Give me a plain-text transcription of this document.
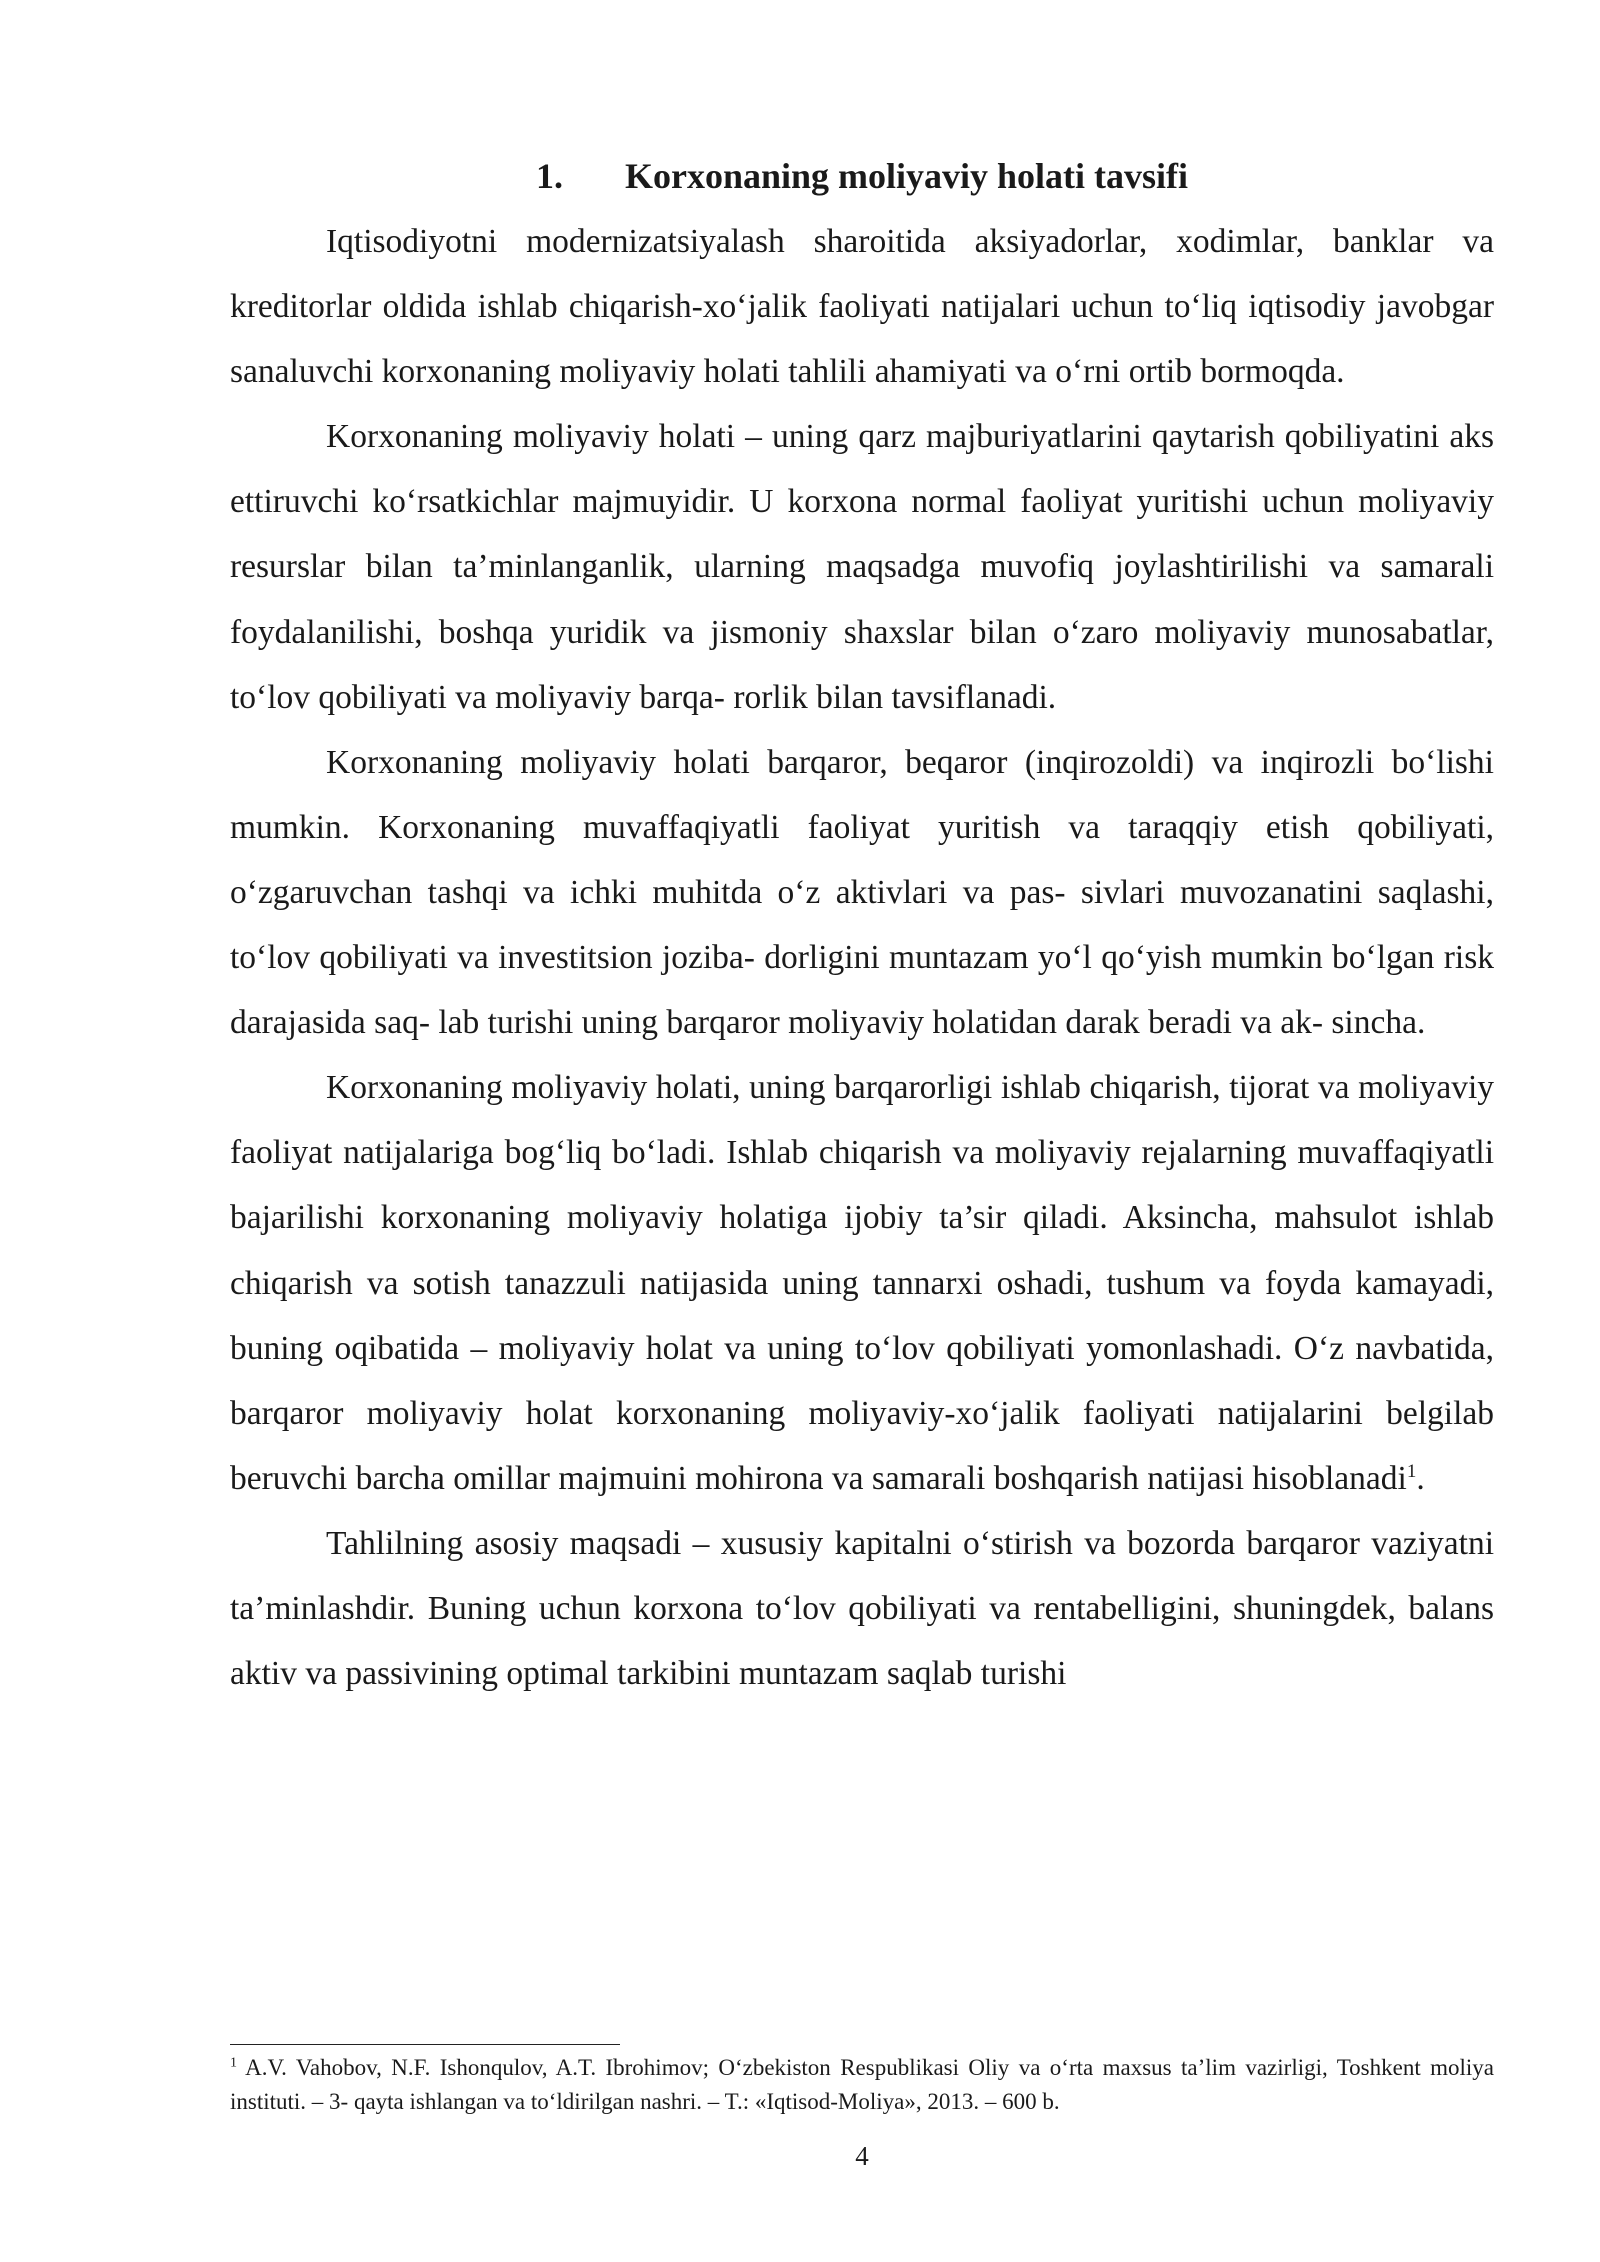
1. Korxonaning moliyaviy holati tavsifi

Iqtisodiyotni modernizatsiyalash sharoitida aksiyadorlar, xodimlar, banklar va kreditorlar oldida ishlab chiqarish-xo‘jalik faoliyati natijalari uchun to‘liq iqtisodiy javobgar sanaluvchi korxonaning moliyaviy holati tahlili ahamiyati va o‘rni ortib bormoqda.

Korxonaning moliyaviy holati – uning qarz majburiyatlarini qaytarish qobiliyatini aks ettiruvchi ko‘rsatkichlar majmuyidir. U korxona normal faoliyat yuritishi uchun moliyaviy resurslar bilan ta’minlanganlik, ularning maqsadga muvofiq joylashtirilishi va samarali foydalanilishi, boshqa yuridik va jismoniy shaxslar bilan o‘zaro moliyaviy munosabatlar, to‘lov qobiliyati va moliyaviy barqa- rorlik bilan tavsiflanadi.

Korxonaning moliyaviy holati barqaror, beqaror (inqirozoldi) va inqirozli bo‘lishi mumkin. Korxonaning muvaffaqiyatli faoliyat yuritish va taraqqiy etish qobiliyati, o‘zgaruvchan tashqi va ichki muhitda o‘z aktivlari va pas- sivlari muvozanatini saqlashi, to‘lov qobiliyati va investitsion joziba- dorligini muntazam yo‘l qo‘yish mumkin bo‘lgan risk darajasida saq- lab turishi uning barqaror moliyaviy holatidan darak beradi va ak- sincha.

Korxonaning moliyaviy holati, uning barqarorligi ishlab chiqarish, tijorat va moliyaviy faoliyat natijalariga bog‘liq bo‘ladi. Ishlab chiqarish va moliyaviy rejalarning muvaffaqiyatli bajarilishi korxonaning moliyaviy holatiga ijobiy ta’sir qiladi. Aksincha, mahsulot ishlab chiqarish va sotish tanazzuli natijasida uning tannarxi oshadi, tushum va foyda kamayadi, buning oqibatida – moliyaviy holat va uning to‘lov qobiliyati yomonlashadi. O‘z navbatida, barqaror moliyaviy holat korxonaning moliyaviy-xo‘jalik faoliyati natijalarini belgilab beruvchi barcha omillar majmuini mohirona va samarali boshqarish natijasi hisoblanadi$^1$.

Tahlilning asosiy maqsadi – xususiy kapitalni o‘stirish va bozorda barqaror vaziyatni ta’minlashdir. Buning uchun korxona to‘lov qobiliyati va rentabelligini, shuningdek, balans aktiv va passivining optimal tarkibini muntazam saqlab turishi

$^1$ A.V. Vahobov, N.F. Ishonqulov, A.T. Ibrohimov; O‘zbekiston Respublikasi Oliy va o‘rta maxsus ta’lim vazirligi, Toshkent moliya instituti. – 3- qayta ishlangan va to‘ldirilgan nashri. – T.: «Iqtisod-Moliya», 2013. – 600 b.

4
